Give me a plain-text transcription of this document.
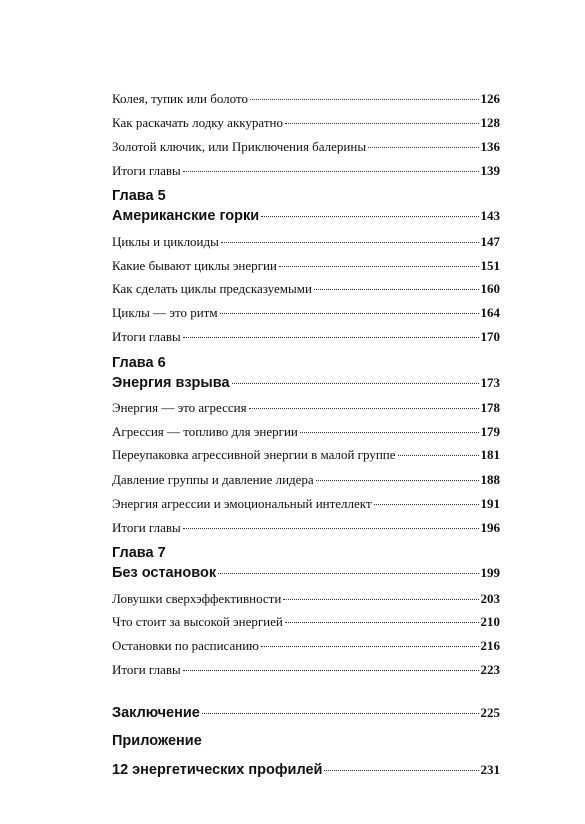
Колея, тупик или болото	126
Как раскачать лодку аккуратно	128
Золотой ключик, или Приключения балерины	136
Итоги главы	139
Глава 5
Американские горки	143
Циклы и циклоиды	147
Какие бывают циклы энергии	151
Как сделать циклы предсказуемыми	160
Циклы — это ритм	164
Итоги главы	170
Глава 6
Энергия взрыва	173
Энергия — это агрессия	178
Агрессия — топливо для энергии	179
Переупаковка агрессивной энергии в малой группе	181
Давление группы и давление лидера	188
Энергия агрессии и эмоциональный интеллект	191
Итоги главы	196
Глава 7
Без остановок	199
Ловушки сверхэффективности	203
Что стоит за высокой энергией	210
Остановки по расписанию	216
Итоги главы	223
Заключение	225
Приложение
12 энергетических профилей	231
